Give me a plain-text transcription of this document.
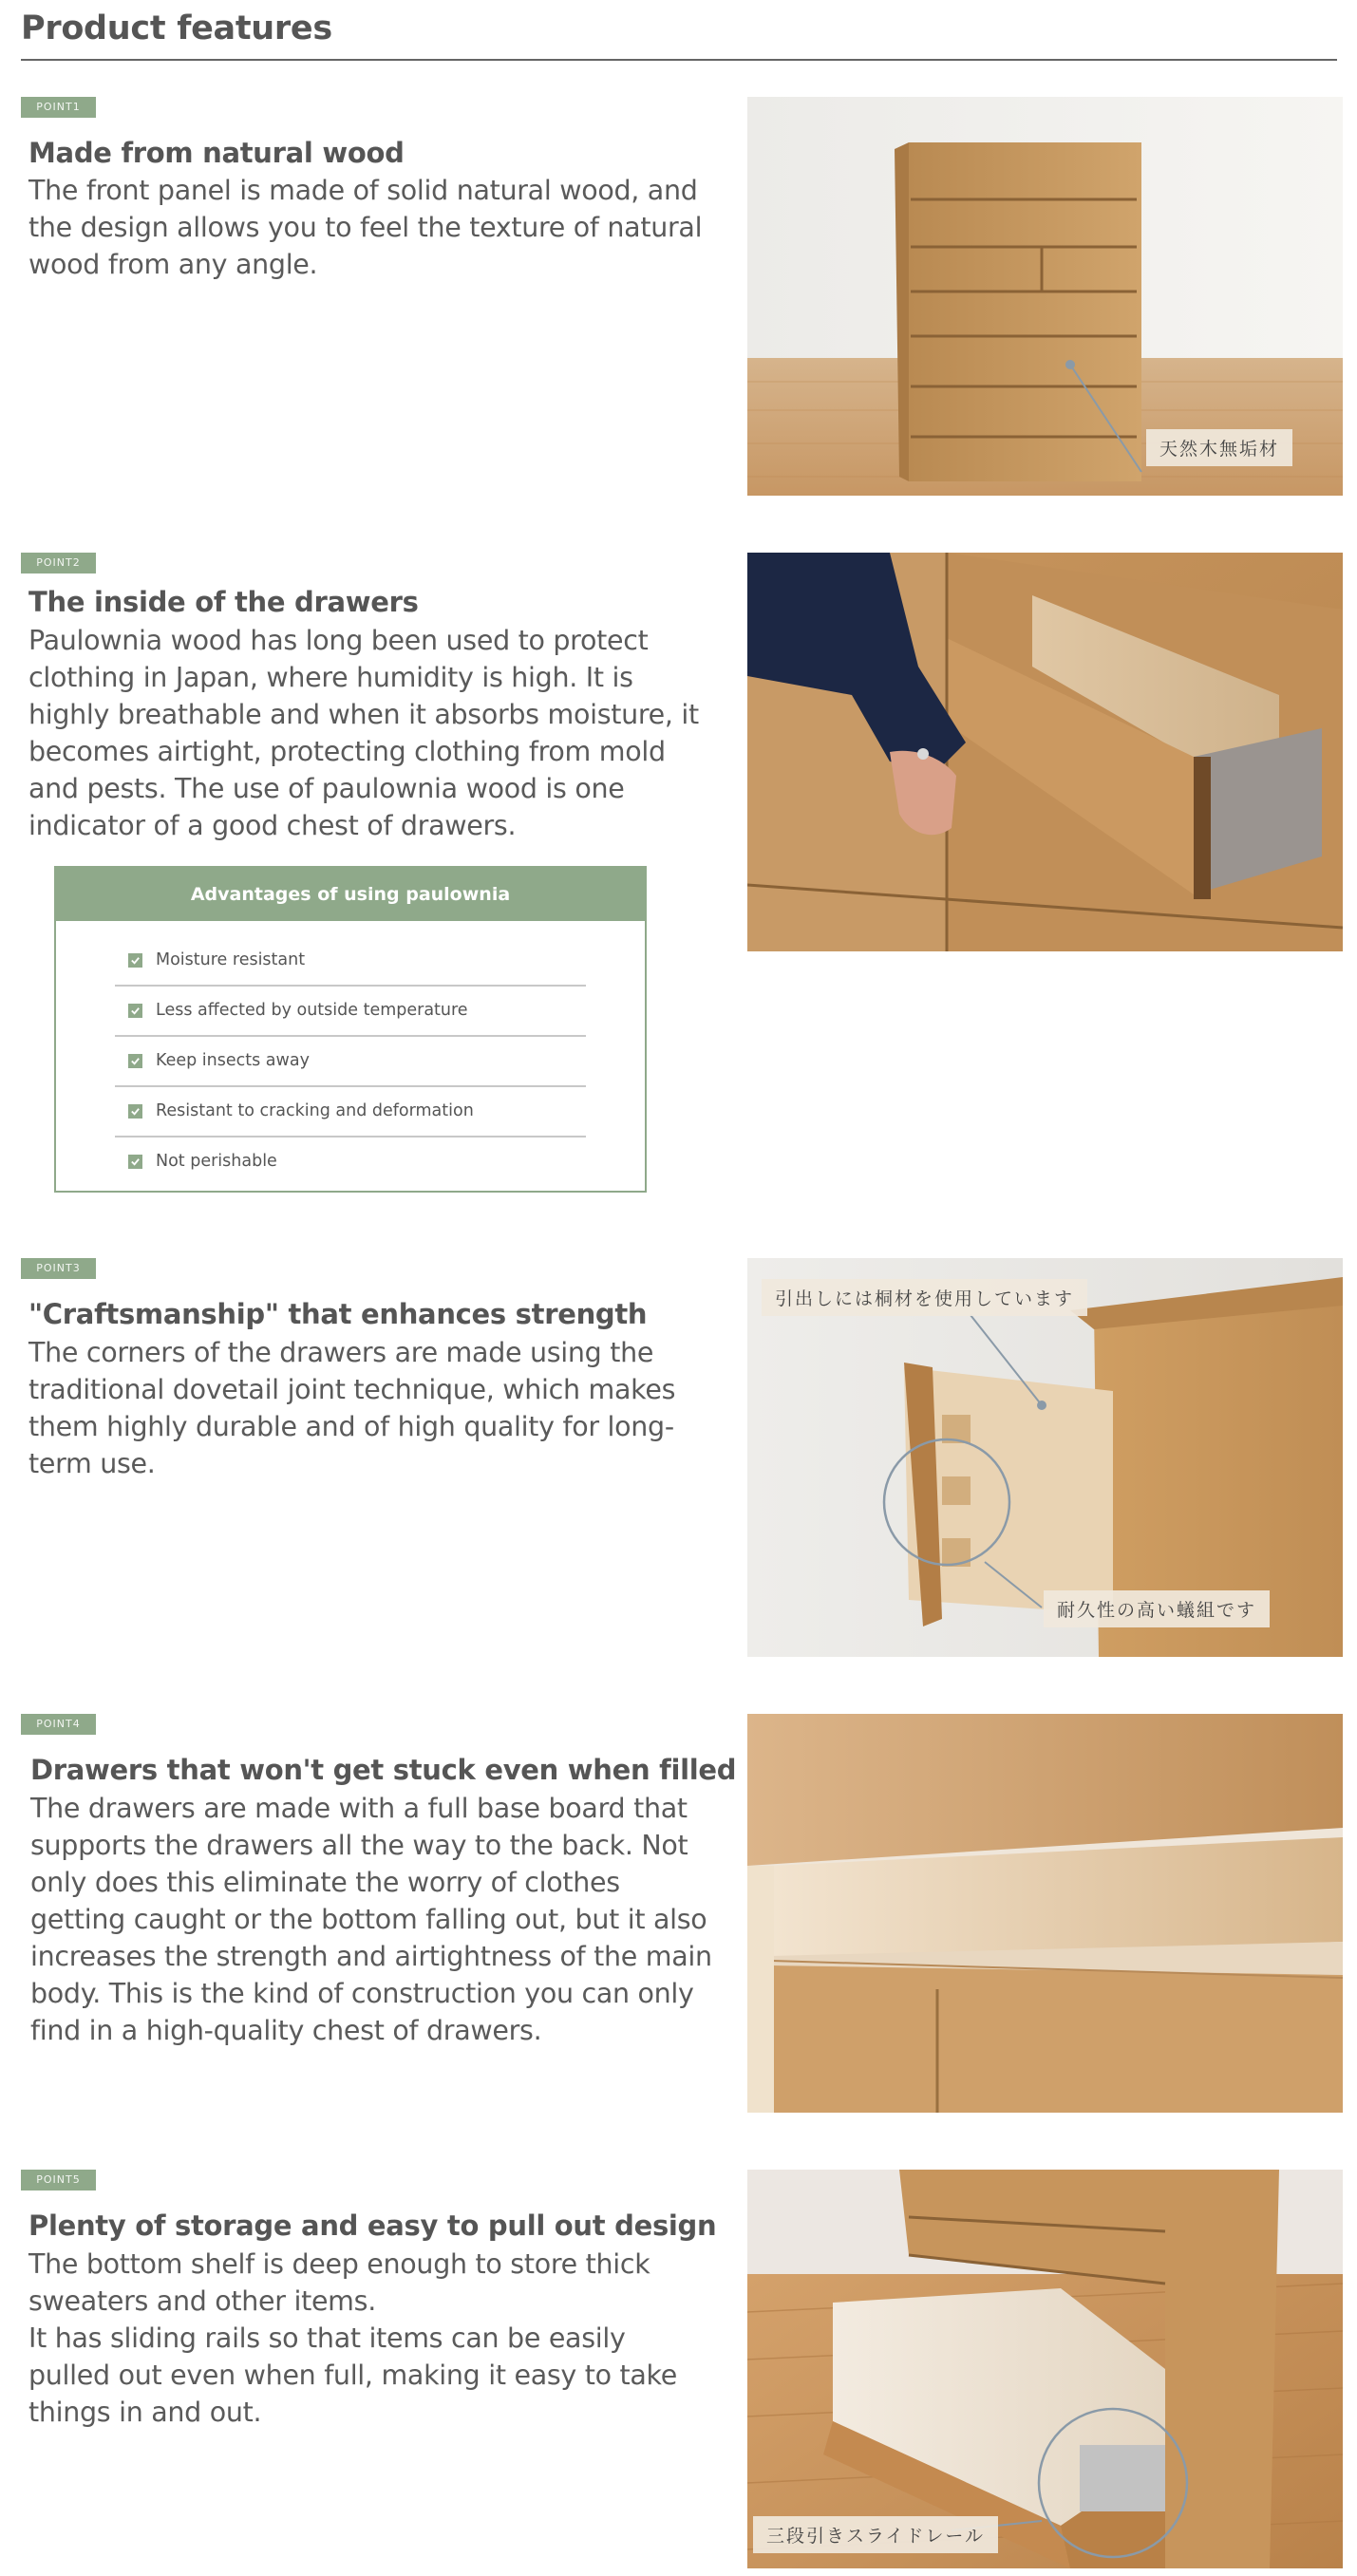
Product features
POINT1
Made from natural wood
The front panel is made of solid natural wood, and the design allows you to feel the texture of natural wood from any angle.
天然木無垢材
POINT2
The inside of the drawers
Paulownia wood has long been used to protect clothing in Japan, where humidity is high. It is highly breathable and when it absorbs moisture, it becomes airtight, protecting clothing from mold and pests. The use of paulownia wood is one indicator of a good chest of drawers.
Advantages of using paulownia
Moisture resistant
Less affected by outside temperature
Keep insects away
Resistant to cracking and deformation
Not perishable
POINT3
"Craftsmanship" that enhances strength
The corners of the drawers are made using the traditional dovetail joint technique, which makes them highly durable and of high quality for long-term use.
引出しには桐材を使用しています
耐久性の高い蟻組です
POINT4
Drawers that won't get stuck even when filled
The drawers are made with a full base board that supports the drawers all the way to the back. Not only does this eliminate the worry of clothes getting caught or the bottom falling out, but it also increases the strength and airtightness of the main body. This is the kind of construction you can only find in a high-quality chest of drawers.
POINT5
Plenty of storage and easy to pull out design
The bottom shelf is deep enough to store thick sweaters and other items.
It has sliding rails so that items can be easily pulled out even when full, making it easy to take things in and out.
三段引きスライドレール
